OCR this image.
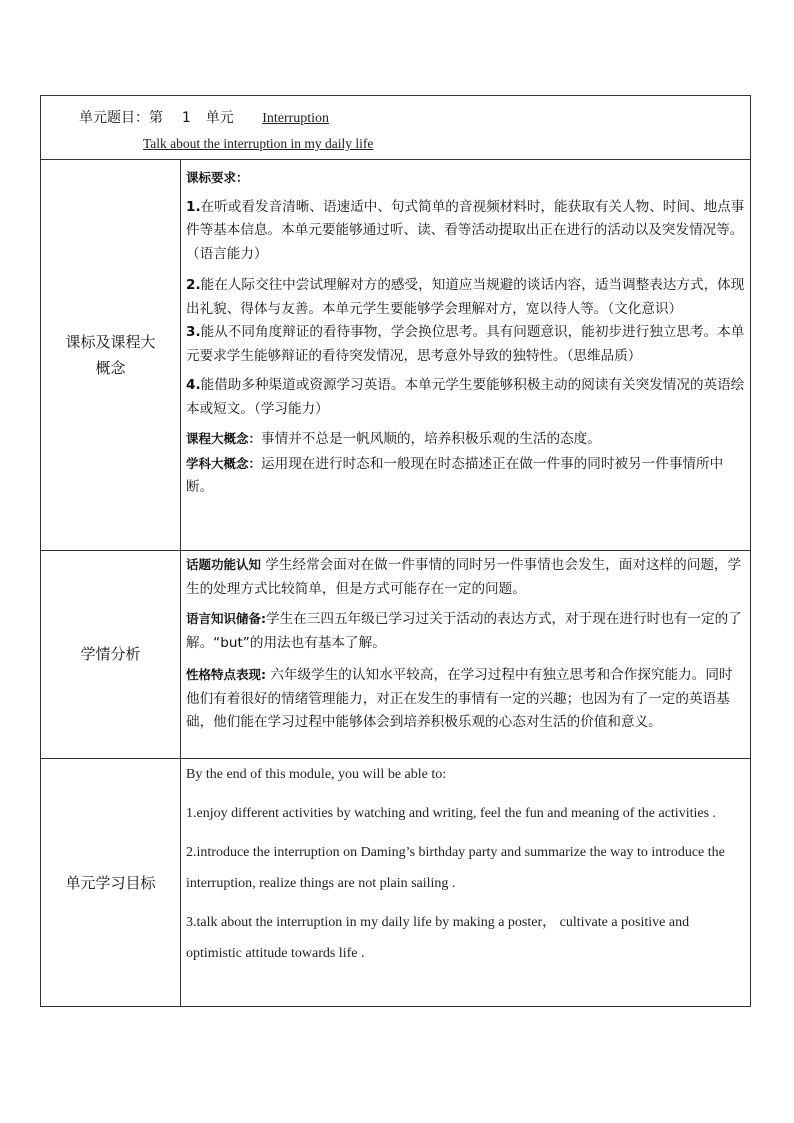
单元题目：第 1 单元 Interruption
Talk about the interruption in my daily life
课标及课程大概念

课标要求：

1.在听或看发音清晰、语速适中、句式简单的音视频材料时，能获取有关人物、时间、地点事件等基本信息。本单元要能够通过听、读、看等活动提取出正在进行的活动以及突发情况等。（语言能力）

2.能在人际交往中尝试理解对方的感受，知道应当规避的谈话内容，适当调整表达方式，体现出礼貌、得体与友善。本单元学生要能够学会理解对方，宽以待人等。（文化意识）

3.能从不同角度辩证的看待事物，学会换位思考。具有问题意识，能初步进行独立思考。本单元要求学生能够辩证的看待突发情况，思考意外导致的独特性。（思维品质）

4.能借助多种渠道或资源学习英语。本单元学生要能够积极主动的阅读有关突发情况的英语绘本或短文。（学习能力）

课程大概念：事情并不总是一帆风顺的，培养积极乐观的生活的态度。

学科大概念：运用现在进行时态和一般现在时态描述正在做一件事的同时被另一件事情所中断。

学情分析

话题功能认知 学生经常会面对在做一件事情的同时另一件事情也会发生，面对这样的问题，学生的处理方式比较简单，但是方式可能存在一定的问题。

语言知识储备:学生在三四五年级已学习过关于活动的表达方式，对于现在进行时也有一定的了解。“but”的用法也有基本了解。

性格特点表现: 六年级学生的认知水平较高，在学习过程中有独立思考和合作探究能力。同时他们有着很好的情绪管理能力，对正在发生的事情有一定的兴趣；也因为有了一定的英语基础，他们能在学习过程中能够体会到培养积极乐观的心态对生活的价值和意义。

单元学习目标

By the end of this module, you will be able to:

1.enjoy different activities by watching and writing, feel the fun and meaning of the activities .

2.introduce the interruption on Daming’s birthday party and summarize the way to introduce the interruption, realize things are not plain sailing .

3.talk about the interruption in my daily life by making a poster， cultivate a positive and optimistic attitude towards life .
